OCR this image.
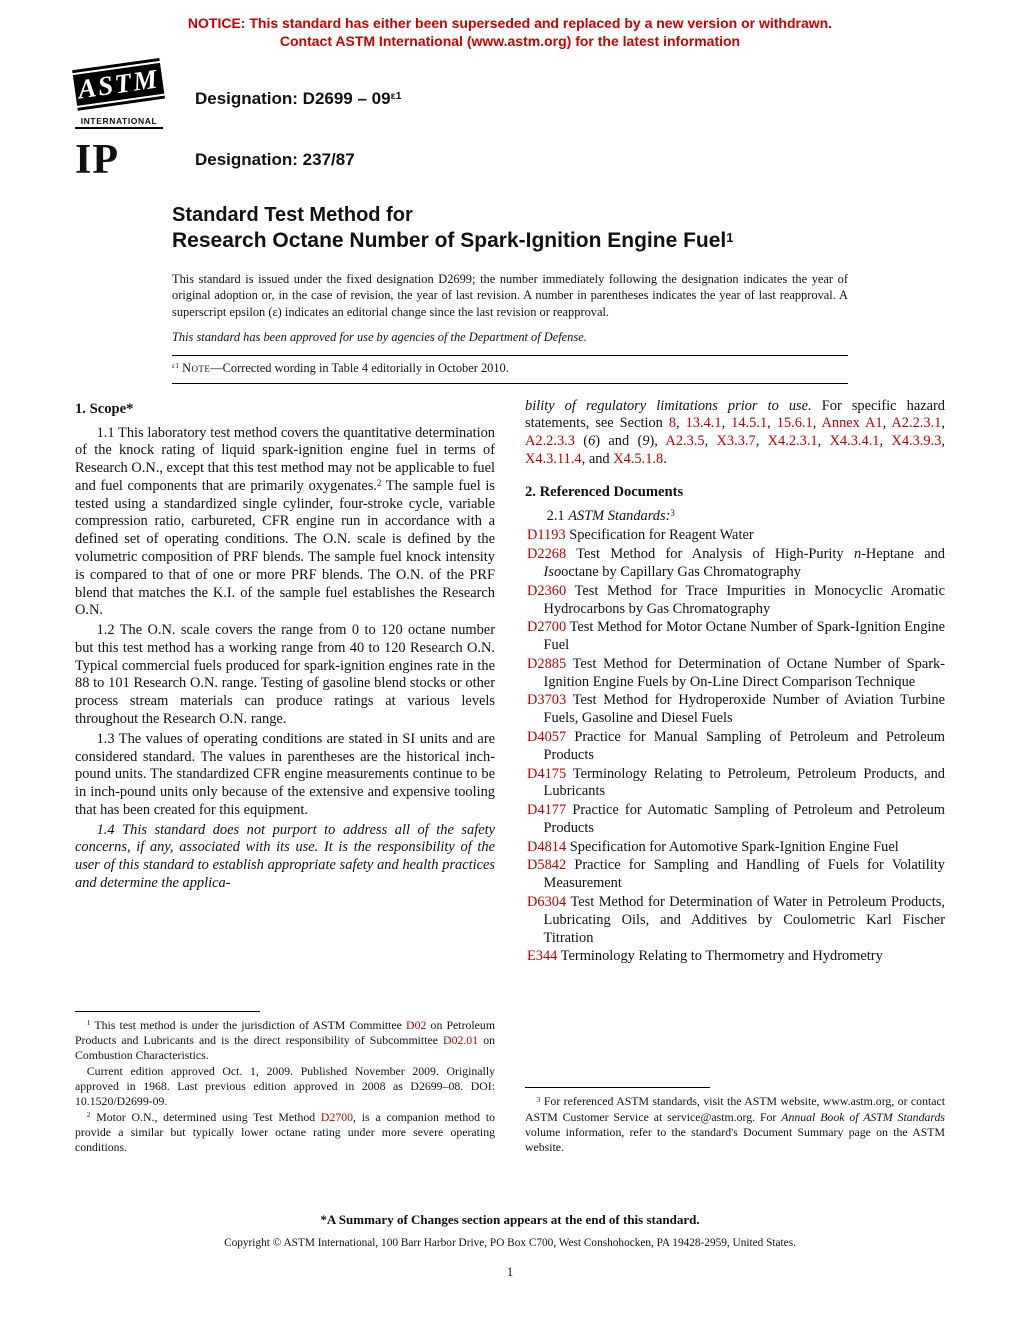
NOTICE: This standard has either been superseded and replaced by a new version or withdrawn.
Contact ASTM International (www.astm.org) for the latest information
ASTM
INTERNATIONAL
Designation: $D2699 - 09^{\varepsilon 1}$
IP	Designation: 237/87
Standard Test Method for
Research Octane Number of Spark-Ignition Engine Fuel$^1$

This standard is issued under the fixed designation D2699; the number immediately following the designation indicates the year of original adoption or, in the case of revision, the year of last revision. A number in parentheses indicates the year of last reapproval. A superscript epsilon (ε) indicates an editorial change since the last revision or reapproval.

This standard has been approved for use by agencies of the Department of Defense.

$^{\varepsilon 1}$ Note—Corrected wording in Table 4 editorially in October 2010.
1. Scope*

1.1 This laboratory test method covers the quantitative determination of the knock rating of liquid spark-ignition engine fuel in terms of Research O.N., except that this test method may not be applicable to fuel and fuel components that are primarily oxygenates.$^2$ The sample fuel is tested using a standardized single cylinder, four-stroke cycle, variable compression ratio, carbureted, CFR engine run in accordance with a defined set of operating conditions. The O.N. scale is defined by the volumetric composition of PRF blends. The sample fuel knock intensity is compared to that of one or more PRF blends. The O.N. of the PRF blend that matches the K.I. of the sample fuel establishes the Research O.N.

1.2 The O.N. scale covers the range from 0 to 120 octane number but this test method has a working range from 40 to 120 Research O.N. Typical commercial fuels produced for spark-ignition engines rate in the 88 to 101 Research O.N. range. Testing of gasoline blend stocks or other process stream materials can produce ratings at various levels throughout the Research O.N. range.

1.3 The values of operating conditions are stated in SI units and are considered standard. The values in parentheses are the historical inch-pound units. The standardized CFR engine measurements continue to be in inch-pound units only because of the extensive and expensive tooling that has been created for this equipment.

1.4 This standard does not purport to address all of the safety concerns, if any, associated with its use. It is the responsibility of the user of this standard to establish appropriate safety and health practices and determine the applica-

$^1$ This test method is under the jurisdiction of ASTM Committee D02 on Petroleum Products and Lubricants and is the direct responsibility of Subcommittee D02.01 on Combustion Characteristics.

Current edition approved Oct. 1, 2009. Published November 2009. Originally approved in 1968. Last previous edition approved in 2008 as D2699–08. DOI: 10.1520/D2699-09.

$^2$ Motor O.N., determined using Test Method D2700, is a companion method to provide a similar but typically lower octane rating under more severe operating conditions.

bility of regulatory limitations prior to use. For specific hazard statements, see Section 8, 13.4.1, 14.5.1, 15.6.1, Annex A1, A2.2.3.1, A2.2.3.3 (6) and (9), A2.3.5, X3.3.7, X4.2.3.1, X4.3.4.1, X4.3.9.3, X4.3.11.4, and X4.5.1.8.

2. Referenced Documents

2.1 ASTM Standards:$^3$

D1193 Specification for Reagent Water

D2268 Test Method for Analysis of High-Purity n-Heptane and Isooctane by Capillary Gas Chromatography

D2360 Test Method for Trace Impurities in Monocyclic Aromatic Hydrocarbons by Gas Chromatography

D2700 Test Method for Motor Octane Number of Spark-Ignition Engine Fuel

D2885 Test Method for Determination of Octane Number of Spark-Ignition Engine Fuels by On-Line Direct Comparison Technique

D3703 Test Method for Hydroperoxide Number of Aviation Turbine Fuels, Gasoline and Diesel Fuels

D4057 Practice for Manual Sampling of Petroleum and Petroleum Products

D4175 Terminology Relating to Petroleum, Petroleum Products, and Lubricants

D4177 Practice for Automatic Sampling of Petroleum and Petroleum Products

D4814 Specification for Automotive Spark-Ignition Engine Fuel

D5842 Practice for Sampling and Handling of Fuels for Volatility Measurement

D6304 Test Method for Determination of Water in Petroleum Products, Lubricating Oils, and Additives by Coulometric Karl Fischer Titration

E344 Terminology Relating to Thermometry and Hydrometry

$^3$ For referenced ASTM standards, visit the ASTM website, www.astm.org, or contact ASTM Customer Service at service@astm.org. For Annual Book of ASTM Standards volume information, refer to the standard's Document Summary page on the ASTM website.

*A Summary of Changes section appears at the end of this standard.
Copyright © ASTM International, 100 Barr Harbor Drive, PO Box C700, West Conshohocken, PA 19428-2959, United States.
1
